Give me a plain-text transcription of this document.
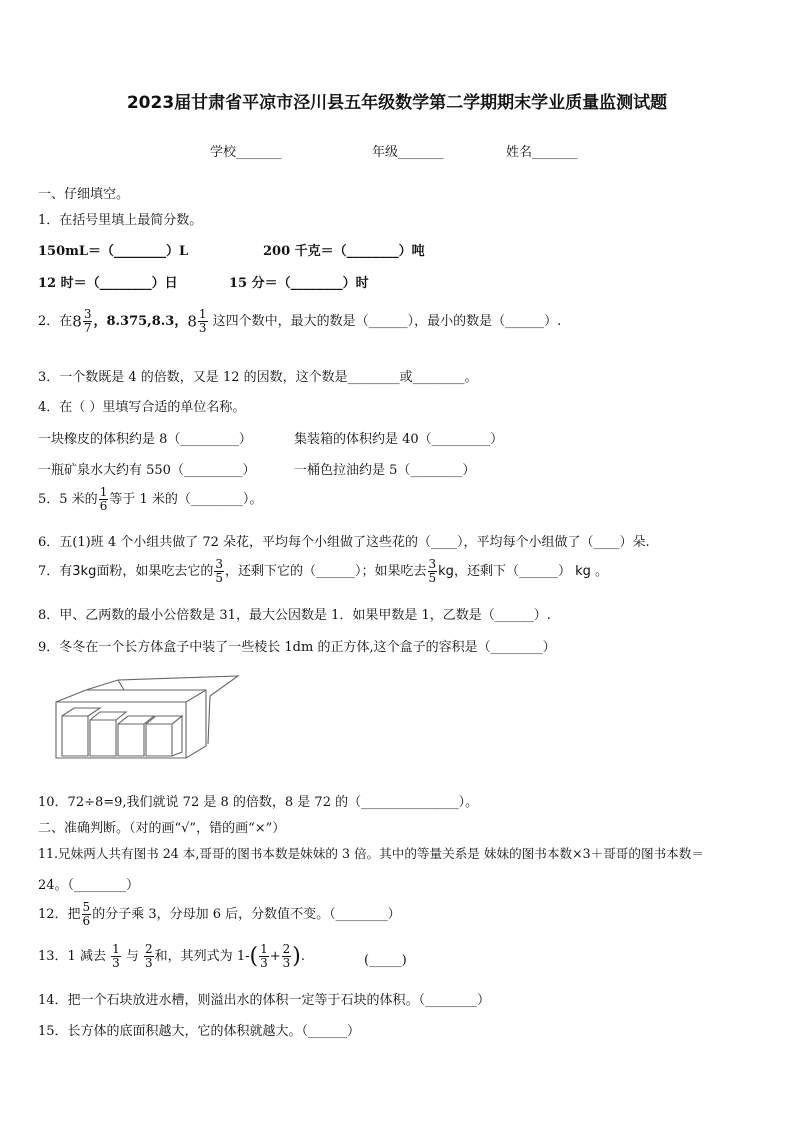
2023届甘肃省平凉市泾川县五年级数学第二学期期末学业质量监测试题
学校_______	年级_______	姓名_______
一、仔细填空。
1．在括号里填上最简分数。
150mL＝（________）L	200 千克＝（________）吨
12 时＝（________）日	15 分＝（________）时
2．在$8 \frac{3}{7}$ ，8.375,8.3，$8 \frac{1}{3}$ 这四个数中，最大的数是（______），最小的数是（______）.
3．一个数既是 4 的倍数，又是 12 的因数，这个数是________或________。
4．在（ ）里填写合适的单位名称。
一块橡皮的体积约是 8（_________）	集装箱的体积约是 40（_________）
一瓶矿泉水大约有 550（_________）	一桶色拉油约是 5（________）
5．5 米的 $\frac{1}{6}$ 等于 1 米的（________）。
6．五(1)班 4 个小组共做了 72 朵花，平均每个小组做了这些花的（____），平均每个小组做了（____）朵.
7．有3kg面粉，如果吃去它的 $\frac{3}{5}$ ，还剩下它的（______）；如果吃去 $\frac{3}{5}$ kg，还剩下（______） kg 。
8．甲、乙两数的最小公倍数是 31，最大公因数是 1．如果甲数是 1，乙数是（______）.
9．冬冬在一个长方体盒子中装了一些棱长 1dm 的正方体,这个盒子的容积是（________）
10．72÷8=9,我们就说 72 是 8 的倍数，8 是 72 的（_______________）。
二、准确判断。（对的画“√”，错的画“×”）
11.兄妹两人共有图书 24 本,哥哥的图书本数是妹妹的 3 倍。其中的等量关系是 妹妹的图书本数×3＋哥哥的图书本数＝
24。（________）
12．把 $\frac{5}{6}$ 的分子乘 3，分母加 6 后，分数值不变。（________）
13．1 减去 $\frac{1}{3}$ 与 $\frac{2}{3}$ 和，其列式为 $1-( \frac{1}{3} + \frac{2}{3}$ ).	(_____)
14．把一个石块放进水槽，则溢出水的体积一定等于石块的体积。（________）
15．长方体的底面积越大，它的体积就越大。（______）
